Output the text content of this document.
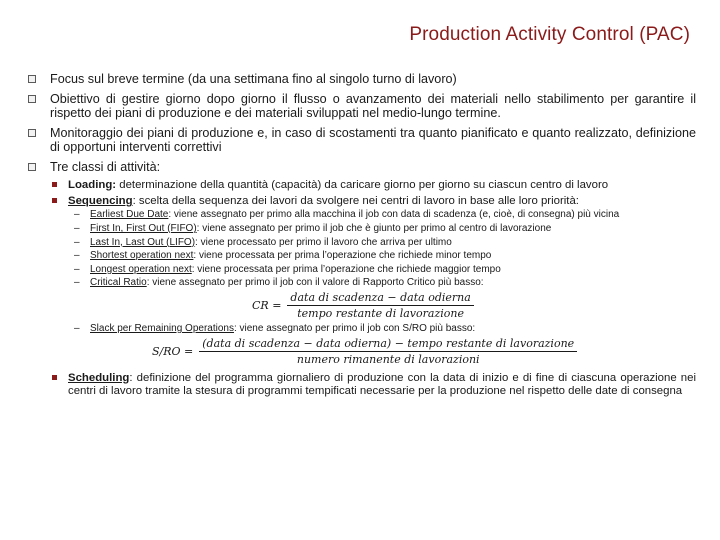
Production Activity Control (PAC)
Focus sul breve termine (da una settimana fino al singolo turno di lavoro)
Obiettivo di gestire giorno dopo giorno il flusso o avanzamento dei materiali nello stabilimento per garantire il rispetto dei piani di produzione e dei materiali sviluppati nel medio-lungo termine.
Monitoraggio dei piani di produzione e, in caso di scostamenti tra quanto pianificato e quanto realizzato, definizione di opportuni interventi correttivi
Tre classi di attività:
Loading: determinazione della quantità (capacità) da caricare giorno per giorno su ciascun centro di lavoro
Sequencing: scelta della sequenza dei lavori da svolgere nei centri di lavoro in base alle loro priorità:
– Earliest Due Date: viene assegnato per primo alla macchina il job con data di scadenza (e, cioè, di consegna) più vicina
– First In, First Out (FIFO): viene assegnato per primo il job che è giunto per primo al centro di lavorazione
– Last In, Last Out (LIFO): viene processato per primo il lavoro che arriva per ultimo
– Shortest operation next: viene processata per prima l’operazione che richiede minor tempo
– Longest operation next: viene processata per prima l’operazione che richiede maggior tempo
– Critical Ratio: viene assegnato per primo il job con il valore di Rapporto Critico più basso:
CR = $\frac{\text{data di scadenza − data odierna}}{\text{tempo restante di lavorazione}}$
– Slack per Remaining Operations: viene assegnato per primo il job con S/RO più basso:
S/RO =
(data di scadenza − data odierna) − tempo restante di lavorazione
numero rimanente di lavorazioni
Scheduling: definizione del programma giornaliero di produzione con la data di inizio e di fine di ciascuna operazione nei centri di lavoro tramite la stesura di programmi tempificati necessarie per la produzione nel rispetto delle date di consegna
